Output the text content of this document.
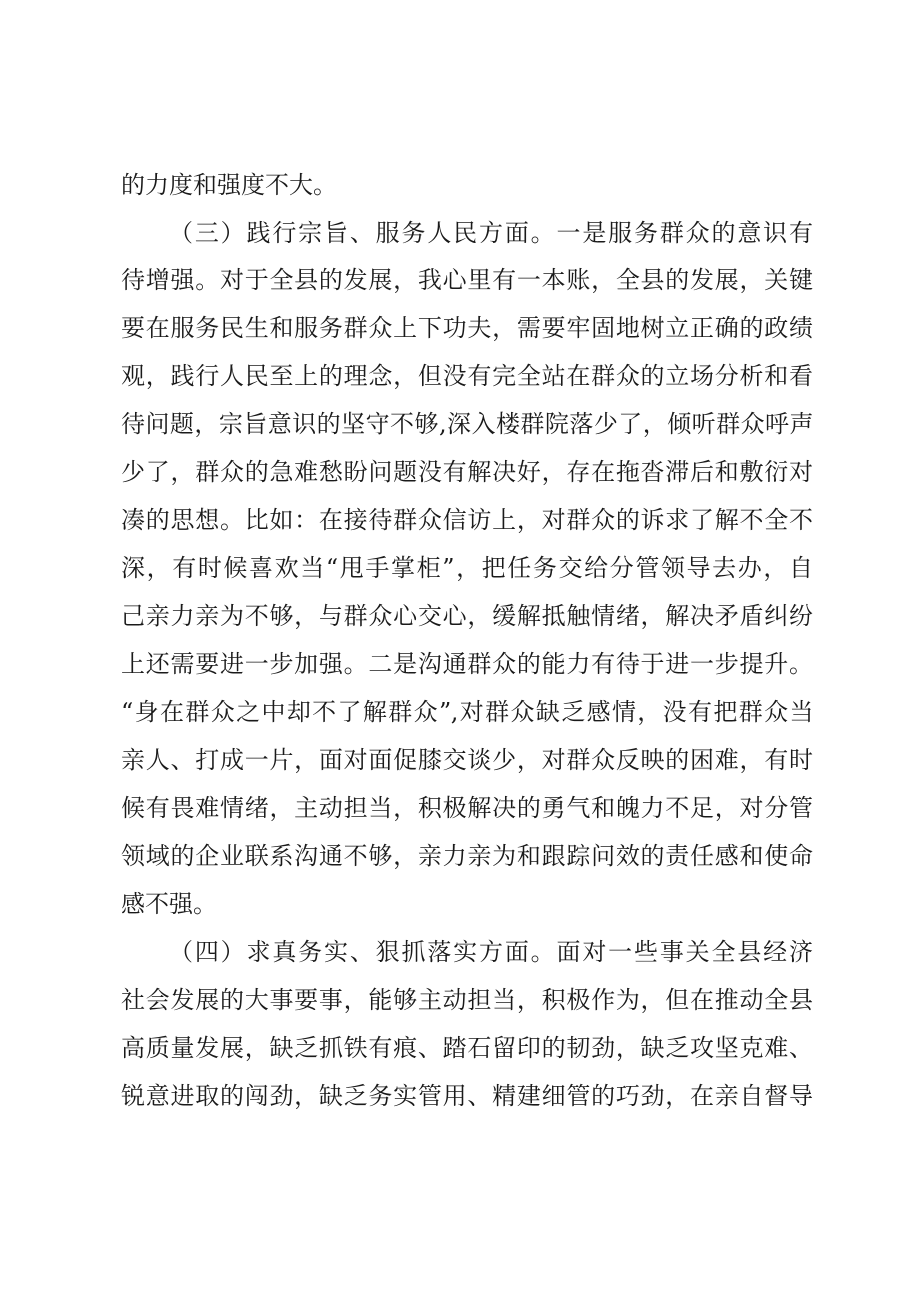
的力度和强度不大。
（三）践行宗旨、服务人民方面。一是服务群众的意识有
待增强。对于全县的发展，我心里有一本账，全县的发展，关键
要在服务民生和服务群众上下功夫，需要牢固地树立正确的政绩
观，践行人民至上的理念，但没有完全站在群众的立场分析和看
待问题，宗旨意识的坚守不够,深入楼群院落少了，倾听群众呼声
少了，群众的急难愁盼问题没有解决好，存在拖沓滞后和敷衍对
凑的思想。比如：在接待群众信访上，对群众的诉求了解不全不
深，有时候喜欢当“甩手掌柜”，把任务交给分管领导去办，自
己亲力亲为不够，与群众心交心，缓解抵触情绪，解决矛盾纠纷
上还需要进一步加强。二是沟通群众的能力有待于进一步提升。
“身在群众之中却不了解群众”,对群众缺乏感情，没有把群众当
亲人、打成一片，面对面促膝交谈少，对群众反映的困难，有时
候有畏难情绪，主动担当，积极解决的勇气和魄力不足，对分管
领域的企业联系沟通不够，亲力亲为和跟踪问效的责任感和使命
感不强。
（四）求真务实、狠抓落实方面。面对一些事关全县经济
社会发展的大事要事，能够主动担当，积极作为，但在推动全县
高质量发展，缺乏抓铁有痕、踏石留印的韧劲，缺乏攻坚克难、
锐意进取的闯劲，缺乏务实管用、精建细管的巧劲，在亲自督导
